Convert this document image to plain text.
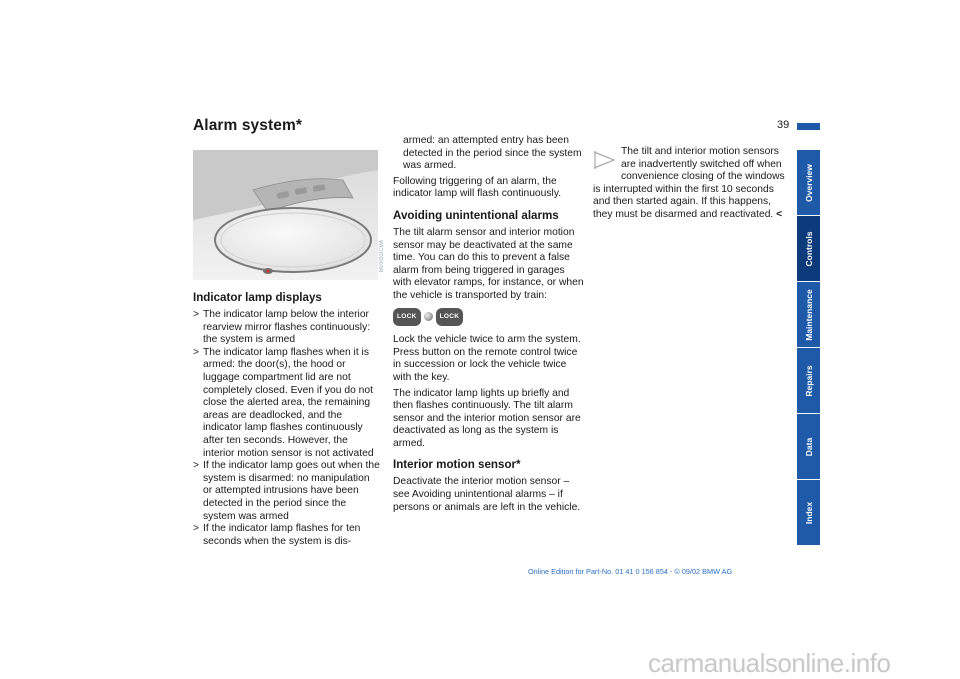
Alarm system*	39
MV00311CMA
Indicator lamp displays
> The indicator lamp below the interior rearview mirror flashes continuously: the system is armed
> The indicator lamp flashes when it is armed: the door(s), the hood or luggage compartment lid are not completely closed. Even if you do not close the alerted area, the remaining areas are deadlocked, and the indicator lamp flashes continuously after ten seconds. However, the interior motion sensor is not activated
> If the indicator lamp goes out when the system is disarmed: no manipulation or attempted intrusions have been detected in the period since the system was armed
> If the indicator lamp flashes for ten seconds when the system is dis-

armed: an attempted entry has been detected in the period since the system was armed.

Following triggering of an alarm, the indicator lamp will flash continuously.

Avoiding unintentional alarms

The tilt alarm sensor and interior motion sensor may be deactivated at the same time. You can do this to prevent a false alarm from being triggered in garages with elevator ramps, for instance, or when the vehicle is transported by train:

LOCK	LOCK

Lock the vehicle twice to arm the system. Press button on the remote control twice in succession or lock the vehicle twice with the key.

The indicator lamp lights up briefly and then flashes continuously. The tilt alarm sensor and the interior motion sensor are deactivated as long as the system is armed.

Interior motion sensor*

Deactivate the interior motion sensor – see Avoiding unintentional alarms – if persons or animals are left in the vehicle.

The tilt and interior motion sensors are inadvertently switched off when convenience closing of the windows is interrupted within the first 10 seconds and then started again. If this happens, they must be disarmed and reactivated. <

Overview
Controls
Maintenance
Repairs
Data
Index
Online Edition for Part-No. 01 41 0 156 854 - © 09/02 BMW AG
carmanualsonline.info
